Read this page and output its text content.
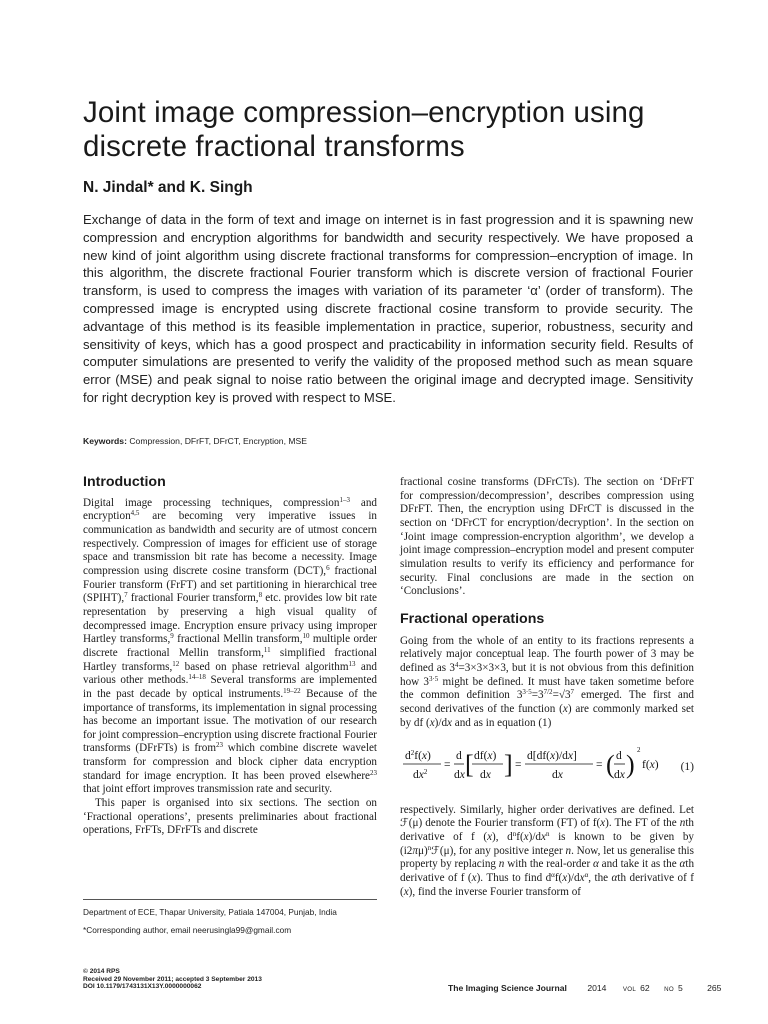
Joint image compression–encryption using discrete fractional transforms
N. Jindal* and K. Singh

Exchange of data in the form of text and image on internet is in fast progression and it is spawning new compression and encryption algorithms for bandwidth and security respectively. We have proposed a new kind of joint algorithm using discrete fractional transforms for compression–encryption of image. In this algorithm, the discrete fractional Fourier transform which is discrete version of fractional Fourier transform, is used to compress the images with variation of its parameter ‘α’ (order of transform). The compressed image is encrypted using discrete fractional cosine transform to provide security. The advantage of this method is its feasible implementation in practice, superior, robustness, security and sensitivity of keys, which has a good prospect and practicability in information security field. Results of computer simulations are presented to verify the validity of the proposed method such as mean square error (MSE) and peak signal to noise ratio between the original image and decrypted image. Sensitivity for right decryption key is proved with respect to MSE.

Keywords: Compression, DFrFT, DFrCT, Encryption, MSE
Introduction

Digital image processing techniques, compression$^{1-3}$ and encryption$^{4,5}$ are becoming very imperative issues in communication as bandwidth and security are of utmost concern respectively. Compression of images for efficient use of storage space and transmission bit rate has become a necessity. Image compression using discrete cosine transform (DCT),$^6$ fractional Fourier transform (FrFT) and set partitioning in hierarchical tree (SPIHT),$^7$ fractional Fourier transform,$^8$ etc. provides low bit rate representation by preserving a high visual quality of decompressed image. Encryption ensure privacy using improper Hartley transforms,$^9$ fractional Mellin transform,$^{10}$ multiple order discrete fractional Mellin transform,$^{11}$ simplified fractional Hartley transforms,$^{12}$ based on phase retrieval algorithm$^{13}$ and various other methods.$^{14-18}$ Several transforms are implemented in the past decade by optical instruments.$^{19-22}$ Because of the importance of transforms, its implementation in signal processing has become an important issue. The motivation of our research for joint compression–encryption using discrete fractional Fourier transforms (DFrFTs) is from$^{23}$ which combine discrete wavelet transform for compression and block cipher data encryption standard for image encryption. It has been proved elsewhere$^{23}$ that joint effort improves transmission rate and security.

This paper is organised into six sections. The section on ‘Fractional operations’, presents preliminaries about fractional operations, FrFTs, DFrFTs and discrete

fractional cosine transforms (DFrCTs). The section on ‘DFrFT for compression/decompression’, describes compression using DFrFT. Then, the encryption using DFrCT is discussed in the section on ‘DFrCT for encryption/decryption’. In the section on ‘Joint image compression-encryption algorithm’, we develop a joint image compression–encryption model and present computer simulation results to verify its efficiency and performance for security. Final conclusions are made in the section on ‘Conclusions’.

Fractional operations

Going from the whole of an entity to its fractions represents a relatively major conceptual leap. The fourth power of 3 may be defined as $3^4=3\times 3\times 3\times 3$, but it is not obvious from this definition how $3^{3\cdot 5}$ might be defined. It must have taken sometime before the common definition $3^{3\cdot 5}=3^{7/2}=√3^7$ emerged. The first and second derivatives of the function (x) are commonly marked set by df (x)/dx and as in equation (1)

$d^2f(x)$
$dx^2$
=
d
dx [ df(x)
dx ] =
d[df(x)/dx]
dx
= ( d
dx ) 2
f(x)	(1)

respectively. Similarly, higher order derivatives are defined. Let ℱ(μ) denote the Fourier transform (FT) of f(x). The FT of the nth derivative of f (x), $d^nf(x)/dx^n$ is known to be given by $(i2\pi\mu)^nℱ(\mu)$, for any positive integer n. Now, let us generalise this property by replacing n with the real-order α and take it as the αth derivative of f (x). Thus to find $d^\alpha f(x)/dx^\alpha$, the αth derivative of f (x), find the inverse Fourier transform of

Department of ECE, Thapar University, Patiala 147004, Punjab, India
*Corresponding author, email neerusingla99@gmail.com
© 2014 RPS
Received 29 November 2011; accepted 3 September 2013
DOI 10.1179/1743131X13Y.0000000062	The Imaging Science Journal 2014	VOL 62 NO 5	265
